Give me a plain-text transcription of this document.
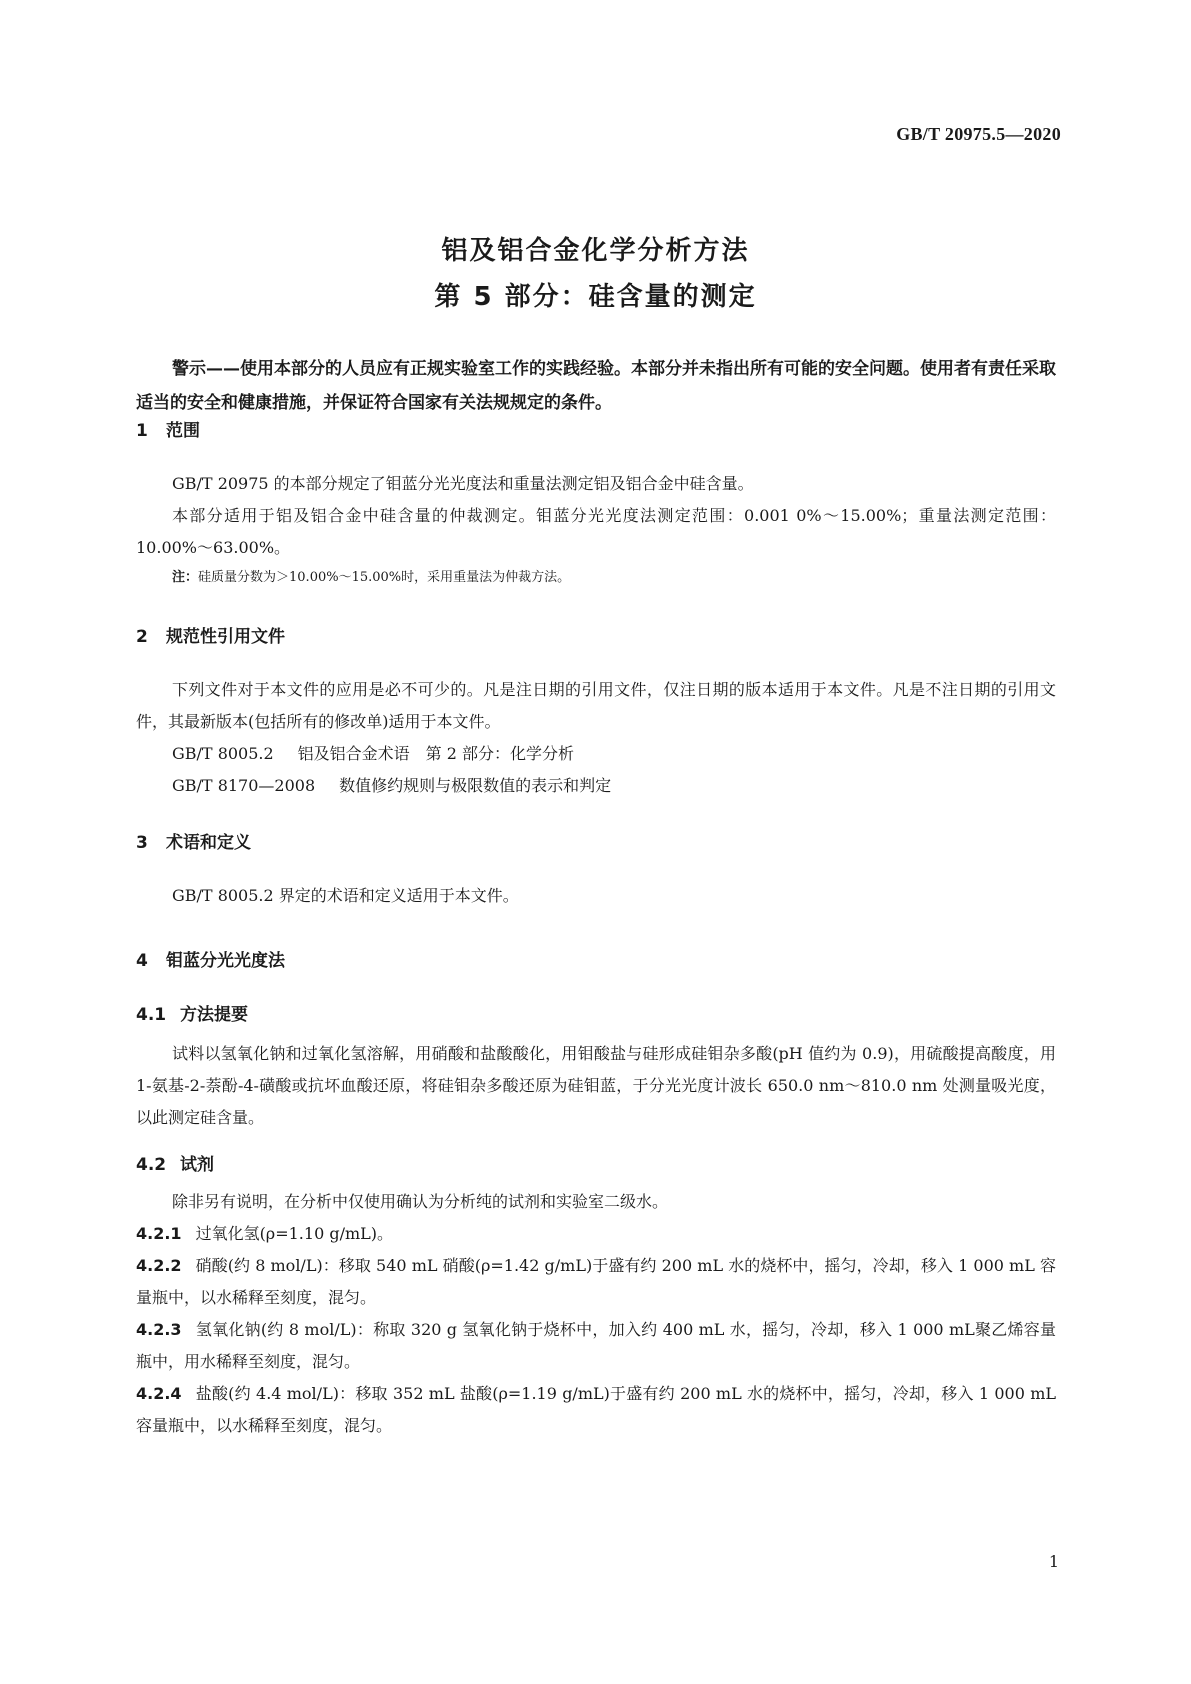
GB/T 20975.5—2020
铝及铝合金化学分析方法
第 5 部分：硅含量的测定
警示——使用本部分的人员应有正规实验室工作的实践经验。本部分并未指出所有可能的安全问题。使用者有责任采取适当的安全和健康措施，并保证符合国家有关法规规定的条件。
1 范围
GB/T 20975 的本部分规定了钼蓝分光光度法和重量法测定铝及铝合金中硅含量。
本部分适用于铝及铝合金中硅含量的仲裁测定。钼蓝分光光度法测定范围：0.001 0%～15.00%；重量法测定范围：10.00%～63.00%。
注：硅质量分数为＞10.00%～15.00%时，采用重量法为仲裁方法。
2 规范性引用文件
下列文件对于本文件的应用是必不可少的。凡是注日期的引用文件，仅注日期的版本适用于本文件。凡是不注日期的引用文件，其最新版本(包括所有的修改单)适用于本文件。
GB/T 8005.2 铝及铝合金术语　第 2 部分：化学分析
GB/T 8170—2008 数值修约规则与极限数值的表示和判定
3 术语和定义
GB/T 8005.2 界定的术语和定义适用于本文件。
4 钼蓝分光光度法
4.1 方法提要
试料以氢氧化钠和过氧化氢溶解，用硝酸和盐酸酸化，用钼酸盐与硅形成硅钼杂多酸(pH 值约为 0.9)，用硫酸提高酸度，用 1-氨基-2-萘酚-4-磺酸或抗坏血酸还原，将硅钼杂多酸还原为硅钼蓝，于分光光度计波长 650.0 nm～810.0 nm 处测量吸光度，以此测定硅含量。
4.2 试剂
除非另有说明，在分析中仅使用确认为分析纯的试剂和实验室二级水。
4.2.1 过氧化氢(ρ=1.10 g/mL)。
4.2.2 硝酸(约 8 mol/L)：移取 540 mL 硝酸(ρ=1.42 g/mL)于盛有约 200 mL 水的烧杯中，摇匀，冷却，移入 1 000 mL 容量瓶中，以水稀释至刻度，混匀。
4.2.3 氢氧化钠(约 8 mol/L)：称取 320 g 氢氧化钠于烧杯中，加入约 400 mL 水，摇匀，冷却，移入 1 000 mL聚乙烯容量瓶中，用水稀释至刻度，混匀。
4.2.4 盐酸(约 4.4 mol/L)：移取 352 mL 盐酸(ρ=1.19 g/mL)于盛有约 200 mL 水的烧杯中，摇匀，冷却，移入 1 000 mL 容量瓶中，以水稀释至刻度，混匀。
1
